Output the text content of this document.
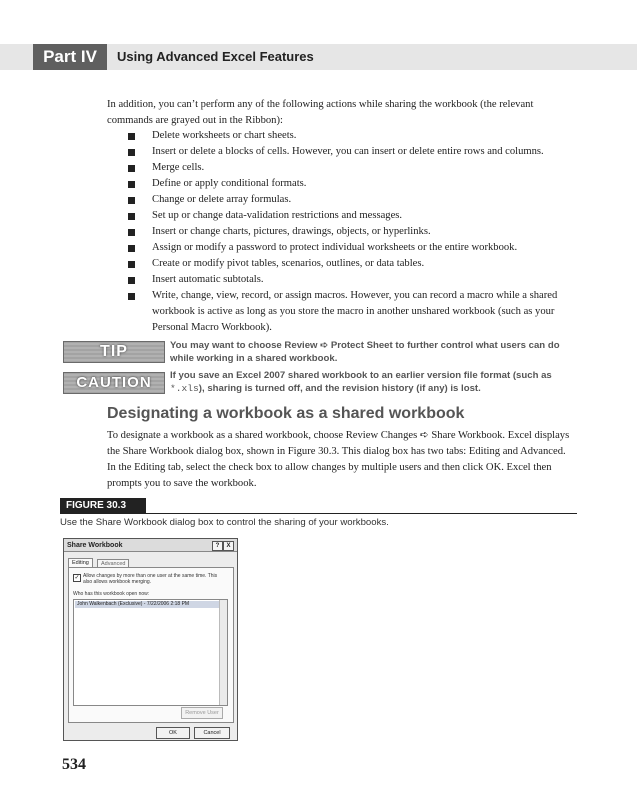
Part IV	Using Advanced Excel Features
In addition, you can’t perform any of the following actions while sharing the workbook (the relevant commands are grayed out in the Ribbon):
Delete worksheets or chart sheets.
Insert or delete a blocks of cells. However, you can insert or delete entire rows and columns.
Merge cells.
Define or apply conditional formats.
Change or delete array formulas.
Set up or change data-validation restrictions and messages.
Insert or change charts, pictures, drawings, objects, or hyperlinks.
Assign or modify a password to protect individual worksheets or the entire workbook.
Create or modify pivot tables, scenarios, outlines, or data tables.
Insert automatic subtotals.
Write, change, view, record, or assign macros. However, you can record a macro while a shared workbook is active as long as you store the macro in another unshared workbook (such as your Personal Macro Workbook).
TIP	You may want to choose Review ➪ Protect Sheet to further control what users can do while working in a shared workbook.
CAUTION	If you save an Excel 2007 shared workbook to an earlier version file format (such as *.xls), sharing is turned off, and the revision history (if any) is lost.
Designating a workbook as a shared workbook
To designate a workbook as a shared workbook, choose Review Changes ➪ Share Workbook. Excel displays the Share Workbook dialog box, shown in Figure 30.3. This dialog box has two tabs: Editing and Advanced. In the Editing tab, select the check box to allow changes by multiple users and then click OK. Excel then prompts you to save the workbook.
FIGURE 30.3
Use the Share Workbook dialog box to control the sharing of your workbooks.
Share Workbook	?	X
Editing	Advanced
✓ Allow changes by more than one user at the same time. This also allows workbook merging.
Who has this workbook open now:
John Walkenbach (Exclusive) - 7/22/2006 2:18 PM
Remove User
OK	Cancel
534
